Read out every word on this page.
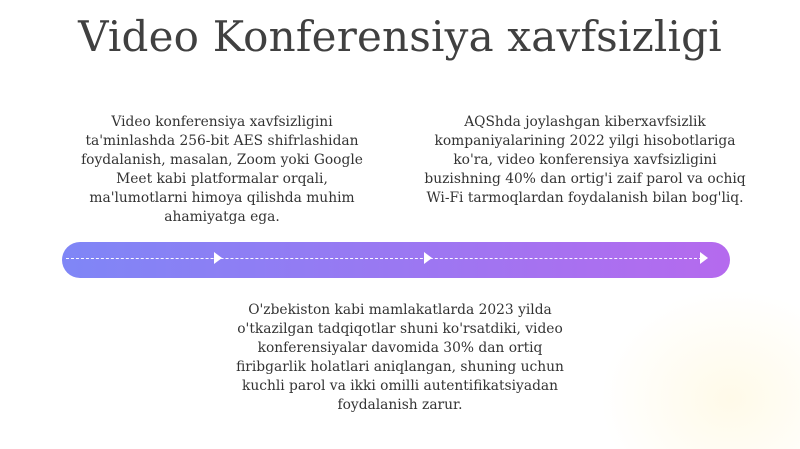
Video Konferensiya xavfsizligi
Video konferensiya xavfsizligini ta'minlashda 256-bit AES shifrlashidan foydalanish, masalan, Zoom yoki Google Meet kabi platformalar orqali, ma'lumotlarni himoya qilishda muhim ahamiyatga ega.
AQShda joylashgan kiberxavfsizlik kompaniyalarining 2022 yilgi hisobotlariga ko'ra, video konferensiya xavfsizligini buzishning 40% dan ortig'i zaif parol va ochiq Wi-Fi tarmoqlardan foydalanish bilan bog'liq.
O'zbekiston kabi mamlakatlarda 2023 yilda o'tkazilgan tadqiqotlar shuni ko'rsatdiki, video konferensiyalar davomida 30% dan ortiq firibgarlik holatlari aniqlangan, shuning uchun kuchli parol va ikki omilli autentifikatsiyadan foydalanish zarur.
